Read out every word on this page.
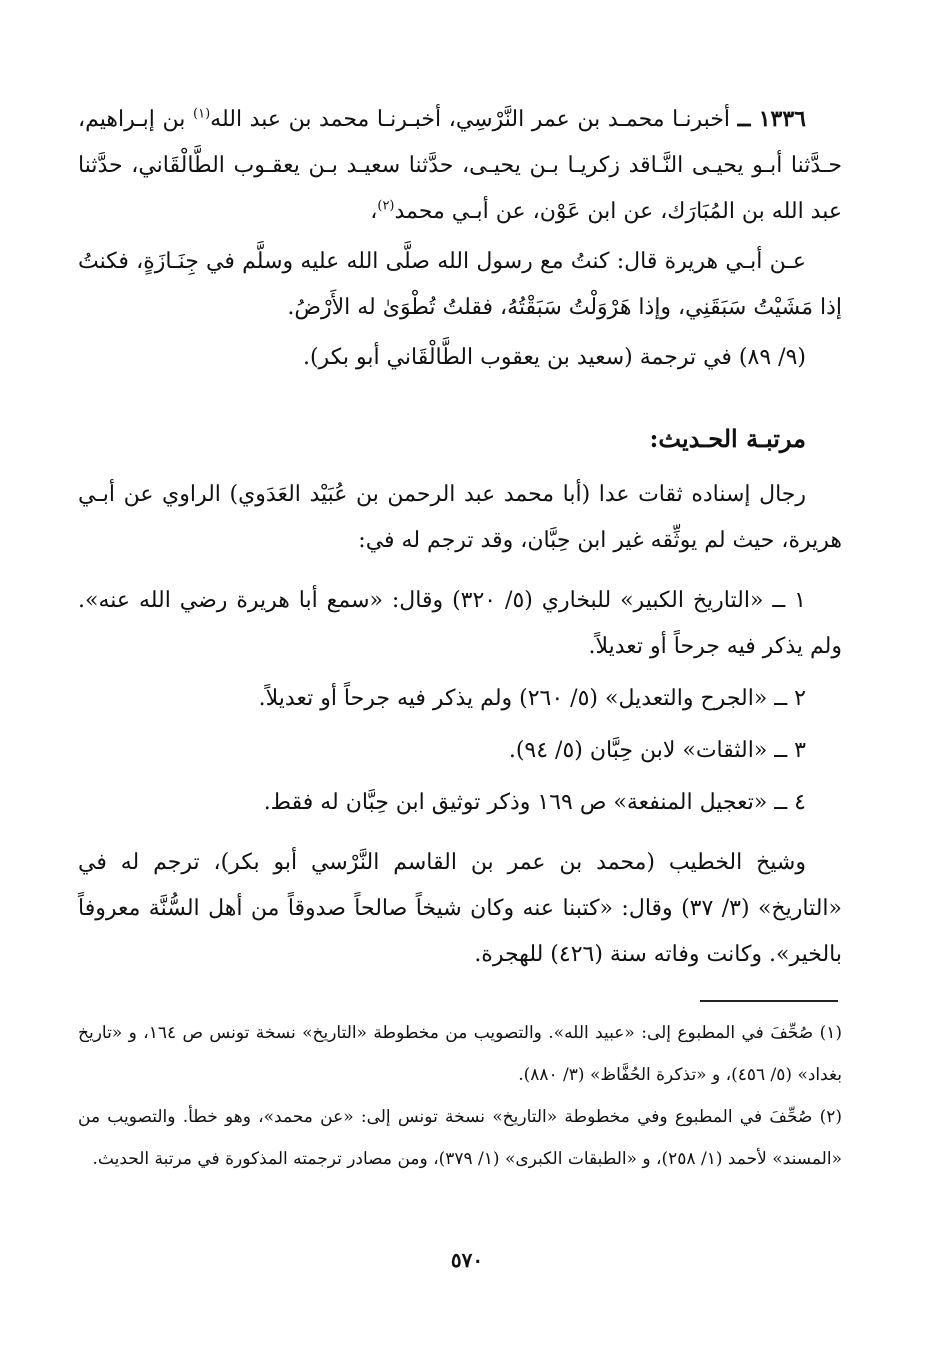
١٣٣٦ ــ أخبرنـا محمـد بن عمر النَّرْسِي، أخبـرنـا محمد بن عبد الله$^{(١)}$ بن إبـراهيم، حـدَّثنا أبـو يحيـى النَّـاقد زكريـا بـن يحيـى، حدَّثنا سعيـد بـن يعقـوب الطَّالْقَاني، حدَّثنا عبد الله بن المُبَارَك، عن ابن عَوْن، عن أبـي محمد$^{(٢)}$،

عـن أبـي هريرة قال: كنتُ مع رسول الله صلَّى الله عليه وسلَّم في جِنَـازَةٍ، فكنتُ إذا مَشَيْتُ سَبَقَنِي، وإذا هَرْوَلْتُ سَبَقْتُهُ، فقلتُ تُطْوَىٰ له الأَرْضُ.

(٩/ ٨٩) في ترجمة (سعيد بن يعقوب الطَّالْقَاني أبو بكر).

مرتبـة الحـديث:

رجال إسناده ثقات عدا (أبا محمد عبد الرحمن بن عُبَيْد العَدَوي) الراوي عن أبـي هريرة، حيث لم يوثِّقه غير ابن حِبَّان، وقد ترجم له في:

١ ــ «التاريخ الكبير» للبخاري (٥/ ٣٢٠) وقال: «سمع أبا هريرة رضي الله عنه». ولم يذكر فيه جرحاً أو تعديلاً.

٢ ــ «الجرح والتعديل» (٥/ ٢٦٠) ولم يذكر فيه جرحاً أو تعديلاً.

٣ ــ «الثقات» لابن حِبَّان (٥/ ٩٤).

٤ ــ «تعجيل المنفعة» ص ١٦٩ وذكر توثيق ابن حِبَّان له فقط.

وشيخ الخطيب (محمد بن عمر بن القاسم النَّرْسي أبو بكر)، ترجم له في «التاريخ» (٣/ ٣٧) وقال: «كتبنا عنه وكان شيخاً صالحاً صدوقاً من أهل السُّنَّة معروفاً بالخير». وكانت وفاته سنة (٤٢٦) للهجرة.

(١) صُحِّفَ في المطبوع إلى: «عبيد الله». والتصويب من مخطوطة «التاريخ» نسخة تونس ص ١٦٤، و «تاريخ بغداد» (٥/ ٤٥٦)، و «تذكرة الحُفَّاظ» (٣/ ٨٨٠).

(٢) صُحِّفَ في المطبوع وفي مخطوطة «التاريخ» نسخة تونس إلى: «عن محمد»، وهو خطأ. والتصويب من «المسند» لأحمد (١/ ٢٥٨)، و «الطبقات الكبرى» (١/ ٣٧٩)، ومن مصادر ترجمته المذكورة في مرتبة الحديث.

٥٧٠
